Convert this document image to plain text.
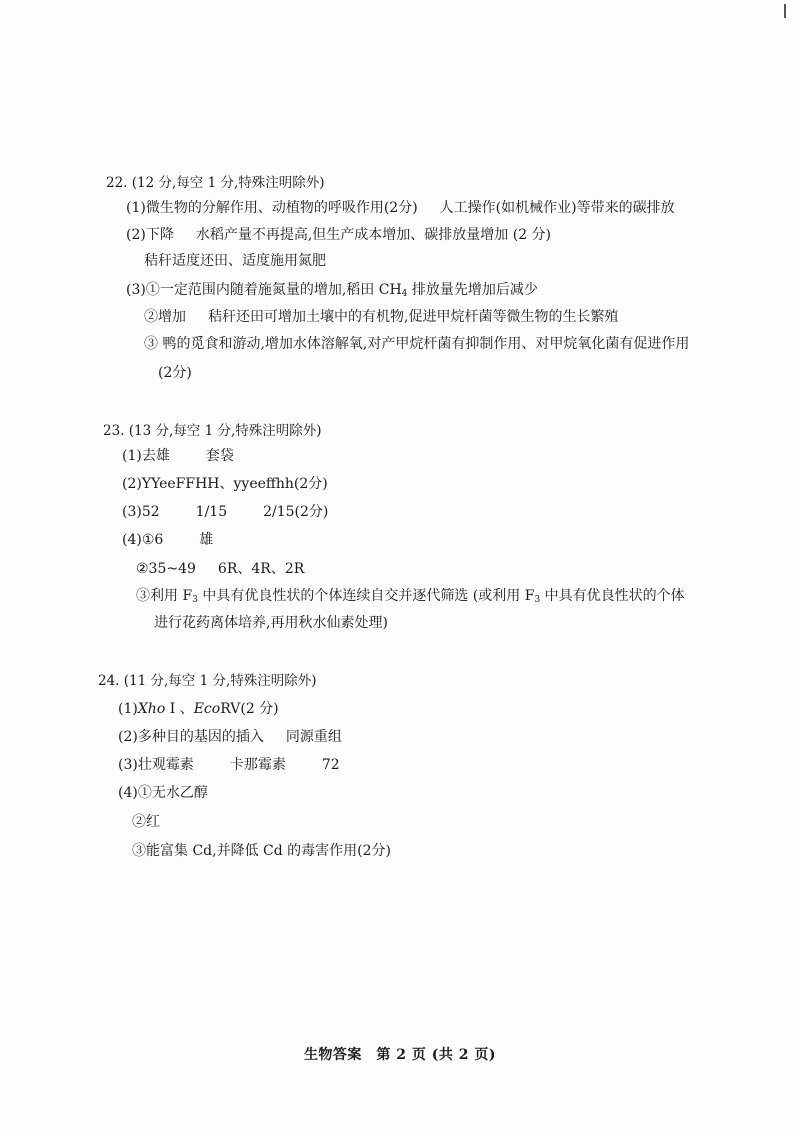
22. (12 分,每空 1 分,特殊注明除外)
(1)微生物的分解作用、动植物的呼吸作用(2分) 人工操作(如机械作业)等带来的碳排放
(2)下降 水稻产量不再提高,但生产成本增加、碳排放量增加 (2 分)
秸秆适度还田、适度施用氮肥
(3)①一定范围内随着施氮量的增加,稻田 $CH_4$ 排放量先增加后减少
②增加 秸秆还田可增加土壤中的有机物,促进甲烷杆菌等微生物的生长繁殖
③ 鸭的觅食和游动,增加水体溶解氧,对产甲烷杆菌有抑制作用、对甲烷氧化菌有促进作用
(2分)
23. (13 分,每空 1 分,特殊注明除外)
(1)去雄	套袋
(2)YYeeFFHH、yyeeffhh(2分)
(3)52	1/15	2/15(2分)
(4)①6	雄
②35~49 6R、4R、2R
③利用 $F_3$ 中具有优良性状的个体连续自交并逐代筛选 (或利用 $F_3$ 中具有优良性状的个体
进行花药离体培养,再用秋水仙素处理)
24. (11 分,每空 1 分,特殊注明除外)
(1)Xho I 、EcoRV(2 分)
(2)多种目的基因的插入 同源重组
(3)壮观霉素	卡那霉素	72
(4)①无水乙醇
②红
③能富集 Cd,并降低 Cd 的毒害作用(2分)
生物答案　第 2 页 (共 2 页)
